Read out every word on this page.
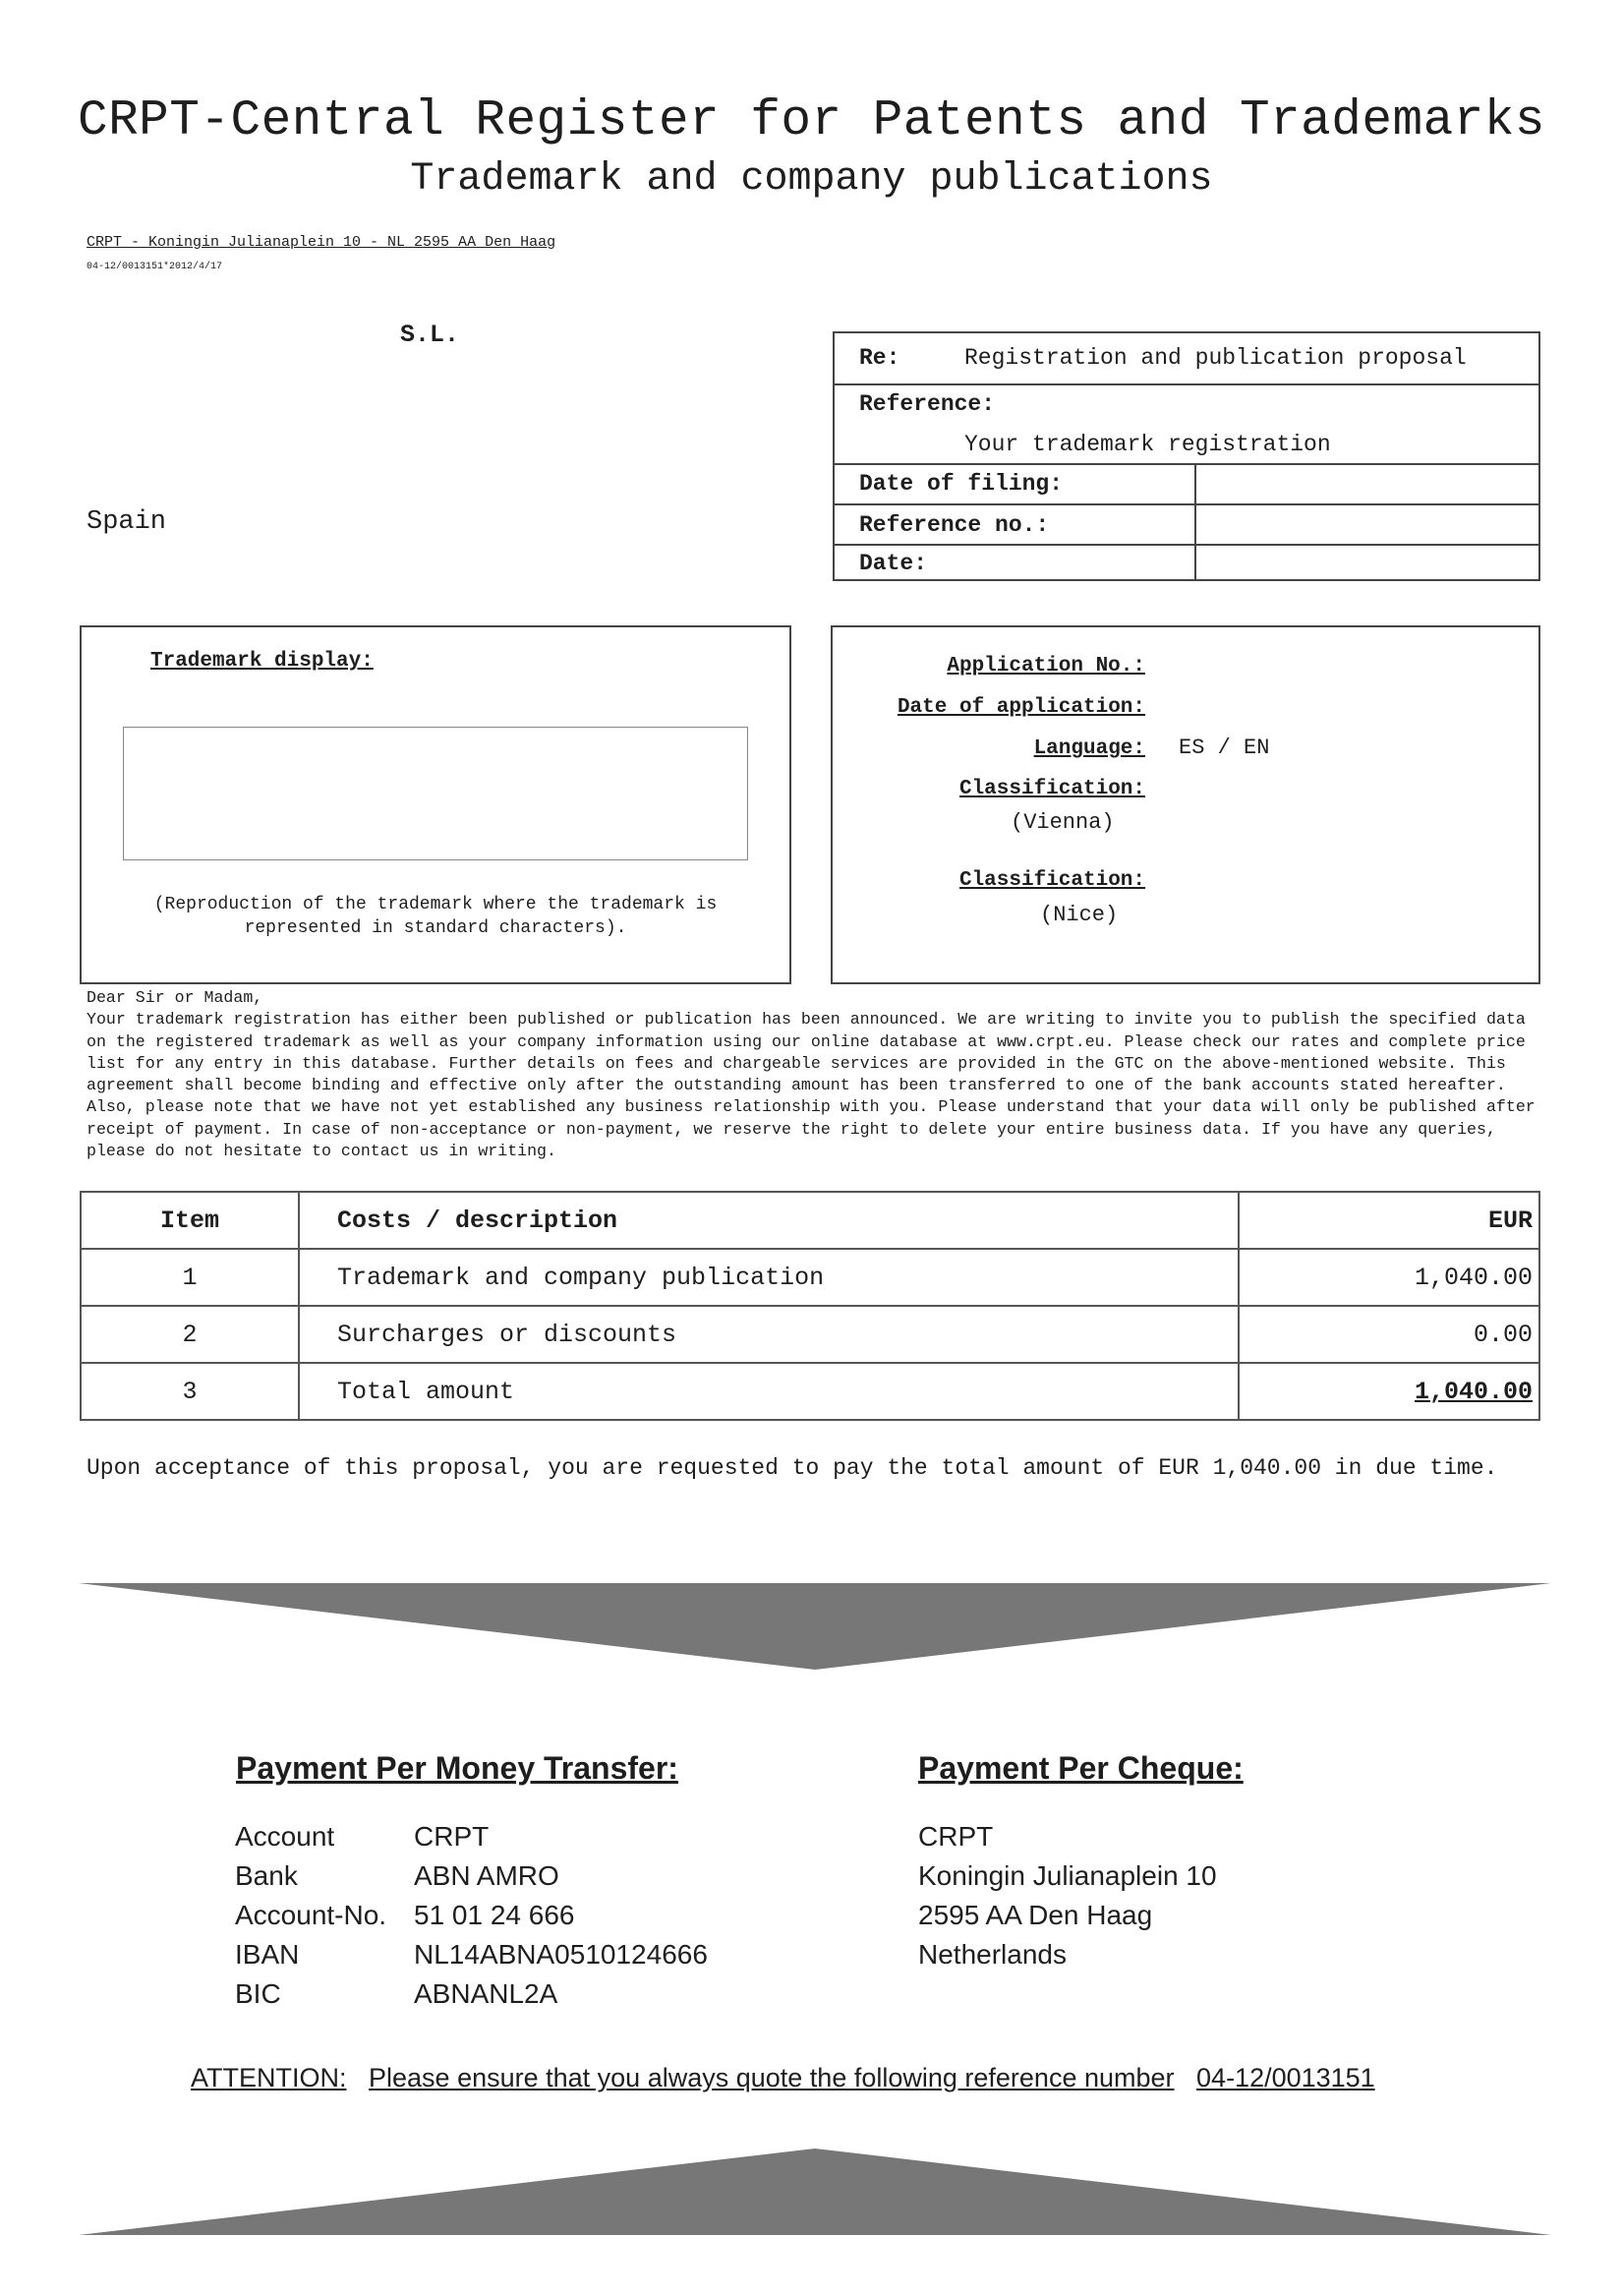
CRPT-Central Register for Patents and Trademarks
Trademark and company publications
CRPT - Koningin Julianaplein 10 - NL 2595 AA Den Haag
04-12/0013151*2012/4/17
S.L.
Spain
Re:	Registration and publication proposal
Reference:
Your trademark registration
Date of filing:
Reference no.:
Date:
Trademark display:
(Reproduction of the trademark where the trademark is represented in standard characters).
Application No.:
Date of application:
Language: ES / EN
Classification:
(Vienna)
Classification:
(Nice)

Dear Sir or Madam,

Your trademark registration has either been published or publication has been announced. We are writing to invite you to publish the specified data on the registered trademark as well as your company information using our online database at www.crpt.eu. Please check our rates and complete price list for any entry in this database. Further details on fees and chargeable services are provided in the GTC on the above-mentioned website. This agreement shall become binding and effective only after the outstanding amount has been transferred to one of the bank accounts stated hereafter. Also, please note that we have not yet established any business relationship with you. Please understand that your data will only be published after receipt of payment. In case of non-acceptance or non-payment, we reserve the right to delete your entire business data. If you have any queries, please do not hesitate to contact us in writing.

Item	Costs / description	EUR
1	Trademark and company publication	1,040.00
2	Surcharges or discounts	0.00
3	Total amount	1,040.00
Upon acceptance of this proposal, you are requested to pay the total amount of EUR 1,040.00 in due time.
Payment Per Money Transfer:
Account	CRPT
Bank	ABN AMRO
Account-No. 51 01 24 666
IBAN	NL14ABNA0510124666
BIC	ABNANL2A
Payment Per Cheque:
CRPT
Koningin Julianaplein 10
2595 AA Den Haag
Netherlands
ATTENTION: Please ensure that you always quote the following reference number 04-12/0013151
